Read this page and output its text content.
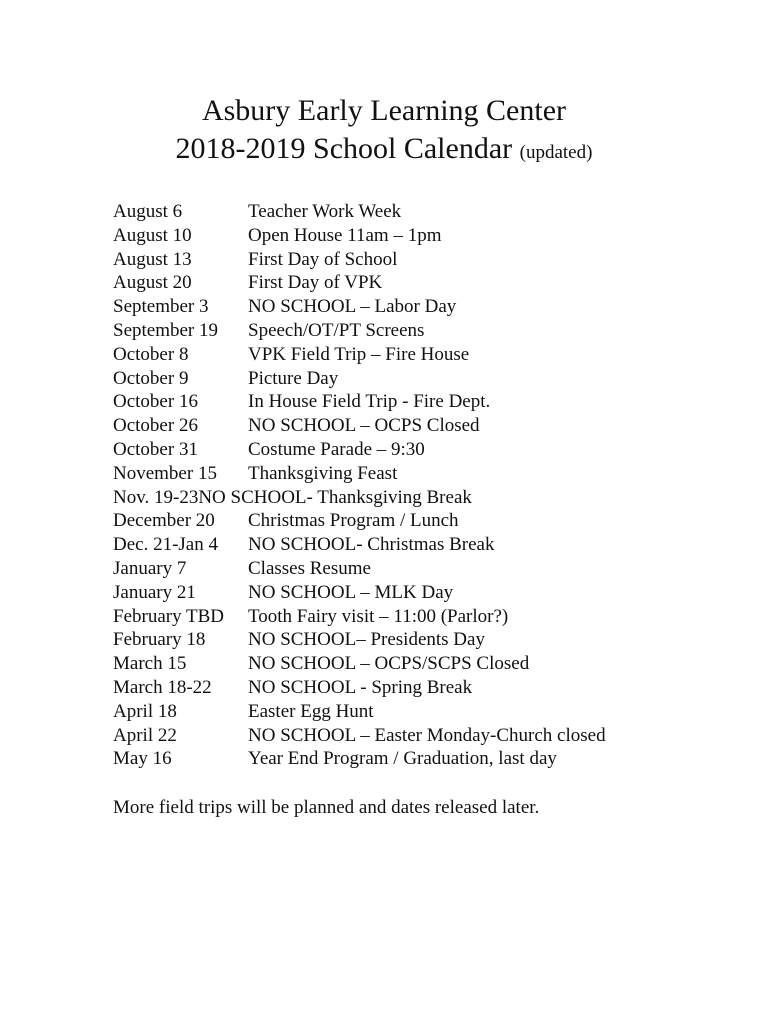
Asbury Early Learning Center

2018-2019 School Calendar (updated)

August 6	Teacher Work Week
August 10	Open House 11am – 1pm
August 13	First Day of School
August 20	First Day of VPK
September 3 NO SCHOOL – Labor Day
September 19 Speech/OT/PT Screens
October 8	VPK Field Trip – Fire House
October 9	Picture Day
October 16	In House Field Trip - Fire Dept.
October 26	NO SCHOOL – OCPS Closed
October 31	Costume Parade – 9:30
November 15 Thanksgiving Feast
Nov. 19-23NO SCHOOL- Thanksgiving Break
December 20 Christmas Program / Lunch
Dec. 21-Jan 4 NO SCHOOL- Christmas Break
January 7	Classes Resume
January 21	NO SCHOOL – MLK Day
February TBD Tooth Fairy visit – 11:00 (Parlor?)
February 18 NO SCHOOL– Presidents Day
March 15	NO SCHOOL – OCPS/SCPS Closed
March 18-22 NO SCHOOL - Spring Break
April 18	Easter Egg Hunt
April 22	NO SCHOOL – Easter Monday-Church closed
May 16	Year End Program / Graduation, last day

More field trips will be planned and dates released later.
